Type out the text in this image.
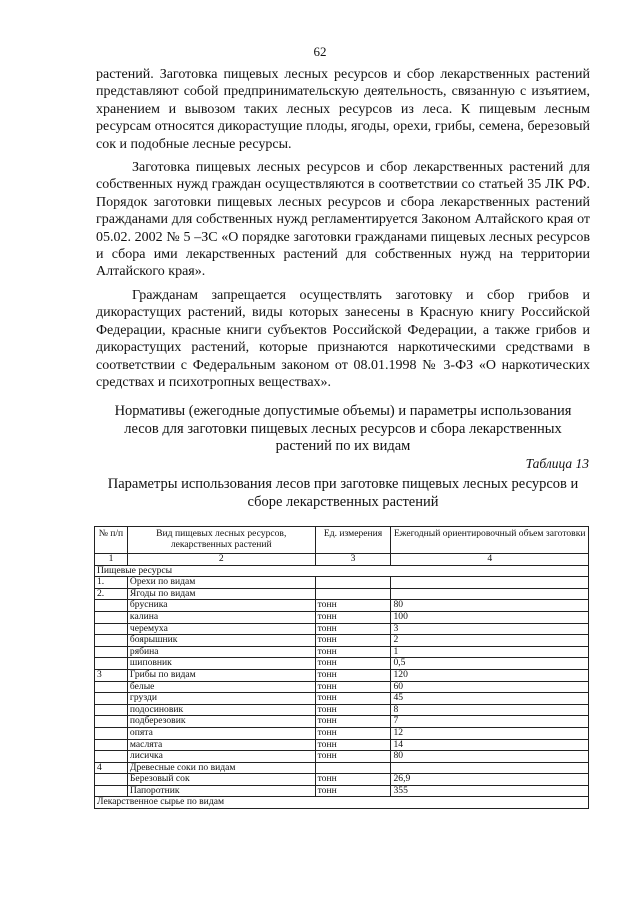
62

растений. Заготовка пищевых лесных ресурсов и сбор лекарственных растений представляют собой предпринимательскую деятельность, связанную с изъятием, хранением и вывозом таких лесных ресурсов из леса. К пищевым лесным ресурсам относятся дикорастущие плоды, ягоды, орехи, грибы, семена, березовый сок и подобные лесные ресурсы.

Заготовка пищевых лесных ресурсов и сбор лекарственных растений для собственных нужд граждан осуществляются в соответствии со статьей 35 ЛК РФ. Порядок заготовки пищевых лесных ресурсов и сбора лекарственных растений гражданами для собственных нужд регламентируется Законом Алтайского края от 05.02. 2002 № 5 –ЗС «О порядке заготовки гражданами пищевых лесных ресурсов и сбора ими лекарственных растений для собственных нужд на территории Алтайского края».

Гражданам запрещается осуществлять заготовку и сбор грибов и дикорастущих растений, виды которых занесены в Красную книгу Российской Федерации, красные книги субъектов Российской Федерации, а также грибов и дикорастущих растений, которые признаются наркотическими средствами в соответствии с Федеральным законом от 08.01.1998 № 3-ФЗ «О наркотических средствах и психотропных веществах».

Нормативы (ежегодные допустимые объемы) и параметры использования лесов для заготовки пищевых лесных ресурсов и сбора лекарственных растений по их видам
Таблица 13
Параметры использования лесов при заготовке пищевых лесных ресурсов и сборе лекарственных растений
№ п/п	Вид пищевых лесных ресурсов, лекарственных растений	Ед. измерения	Ежегодный ориентировочный объем заготовки
1	2	3	4
Пищевые ресурсы			
1.	Орехи по видам		
2.	Ягоды по видам		
	брусника	тонн	80
	калина	тонн	100
	черемуха	тонн	3
	боярышник	тонн	2
	рябина	тонн	1
	шиповник	тонн	0,5
3	Грибы по видам	тонн	120
	белые	тонн	60
	грузди	тонн	45
	подосиновик	тонн	8
	подберезовик	тонн	7
	опята	тонн	12
	маслята	тонн	14
	лисичка	тонн	80
4	Древесные соки по видам		
	Березовый сок	тонн	26,9
	Папоротник	тонн	355
Лекарственное сырье по видам			
